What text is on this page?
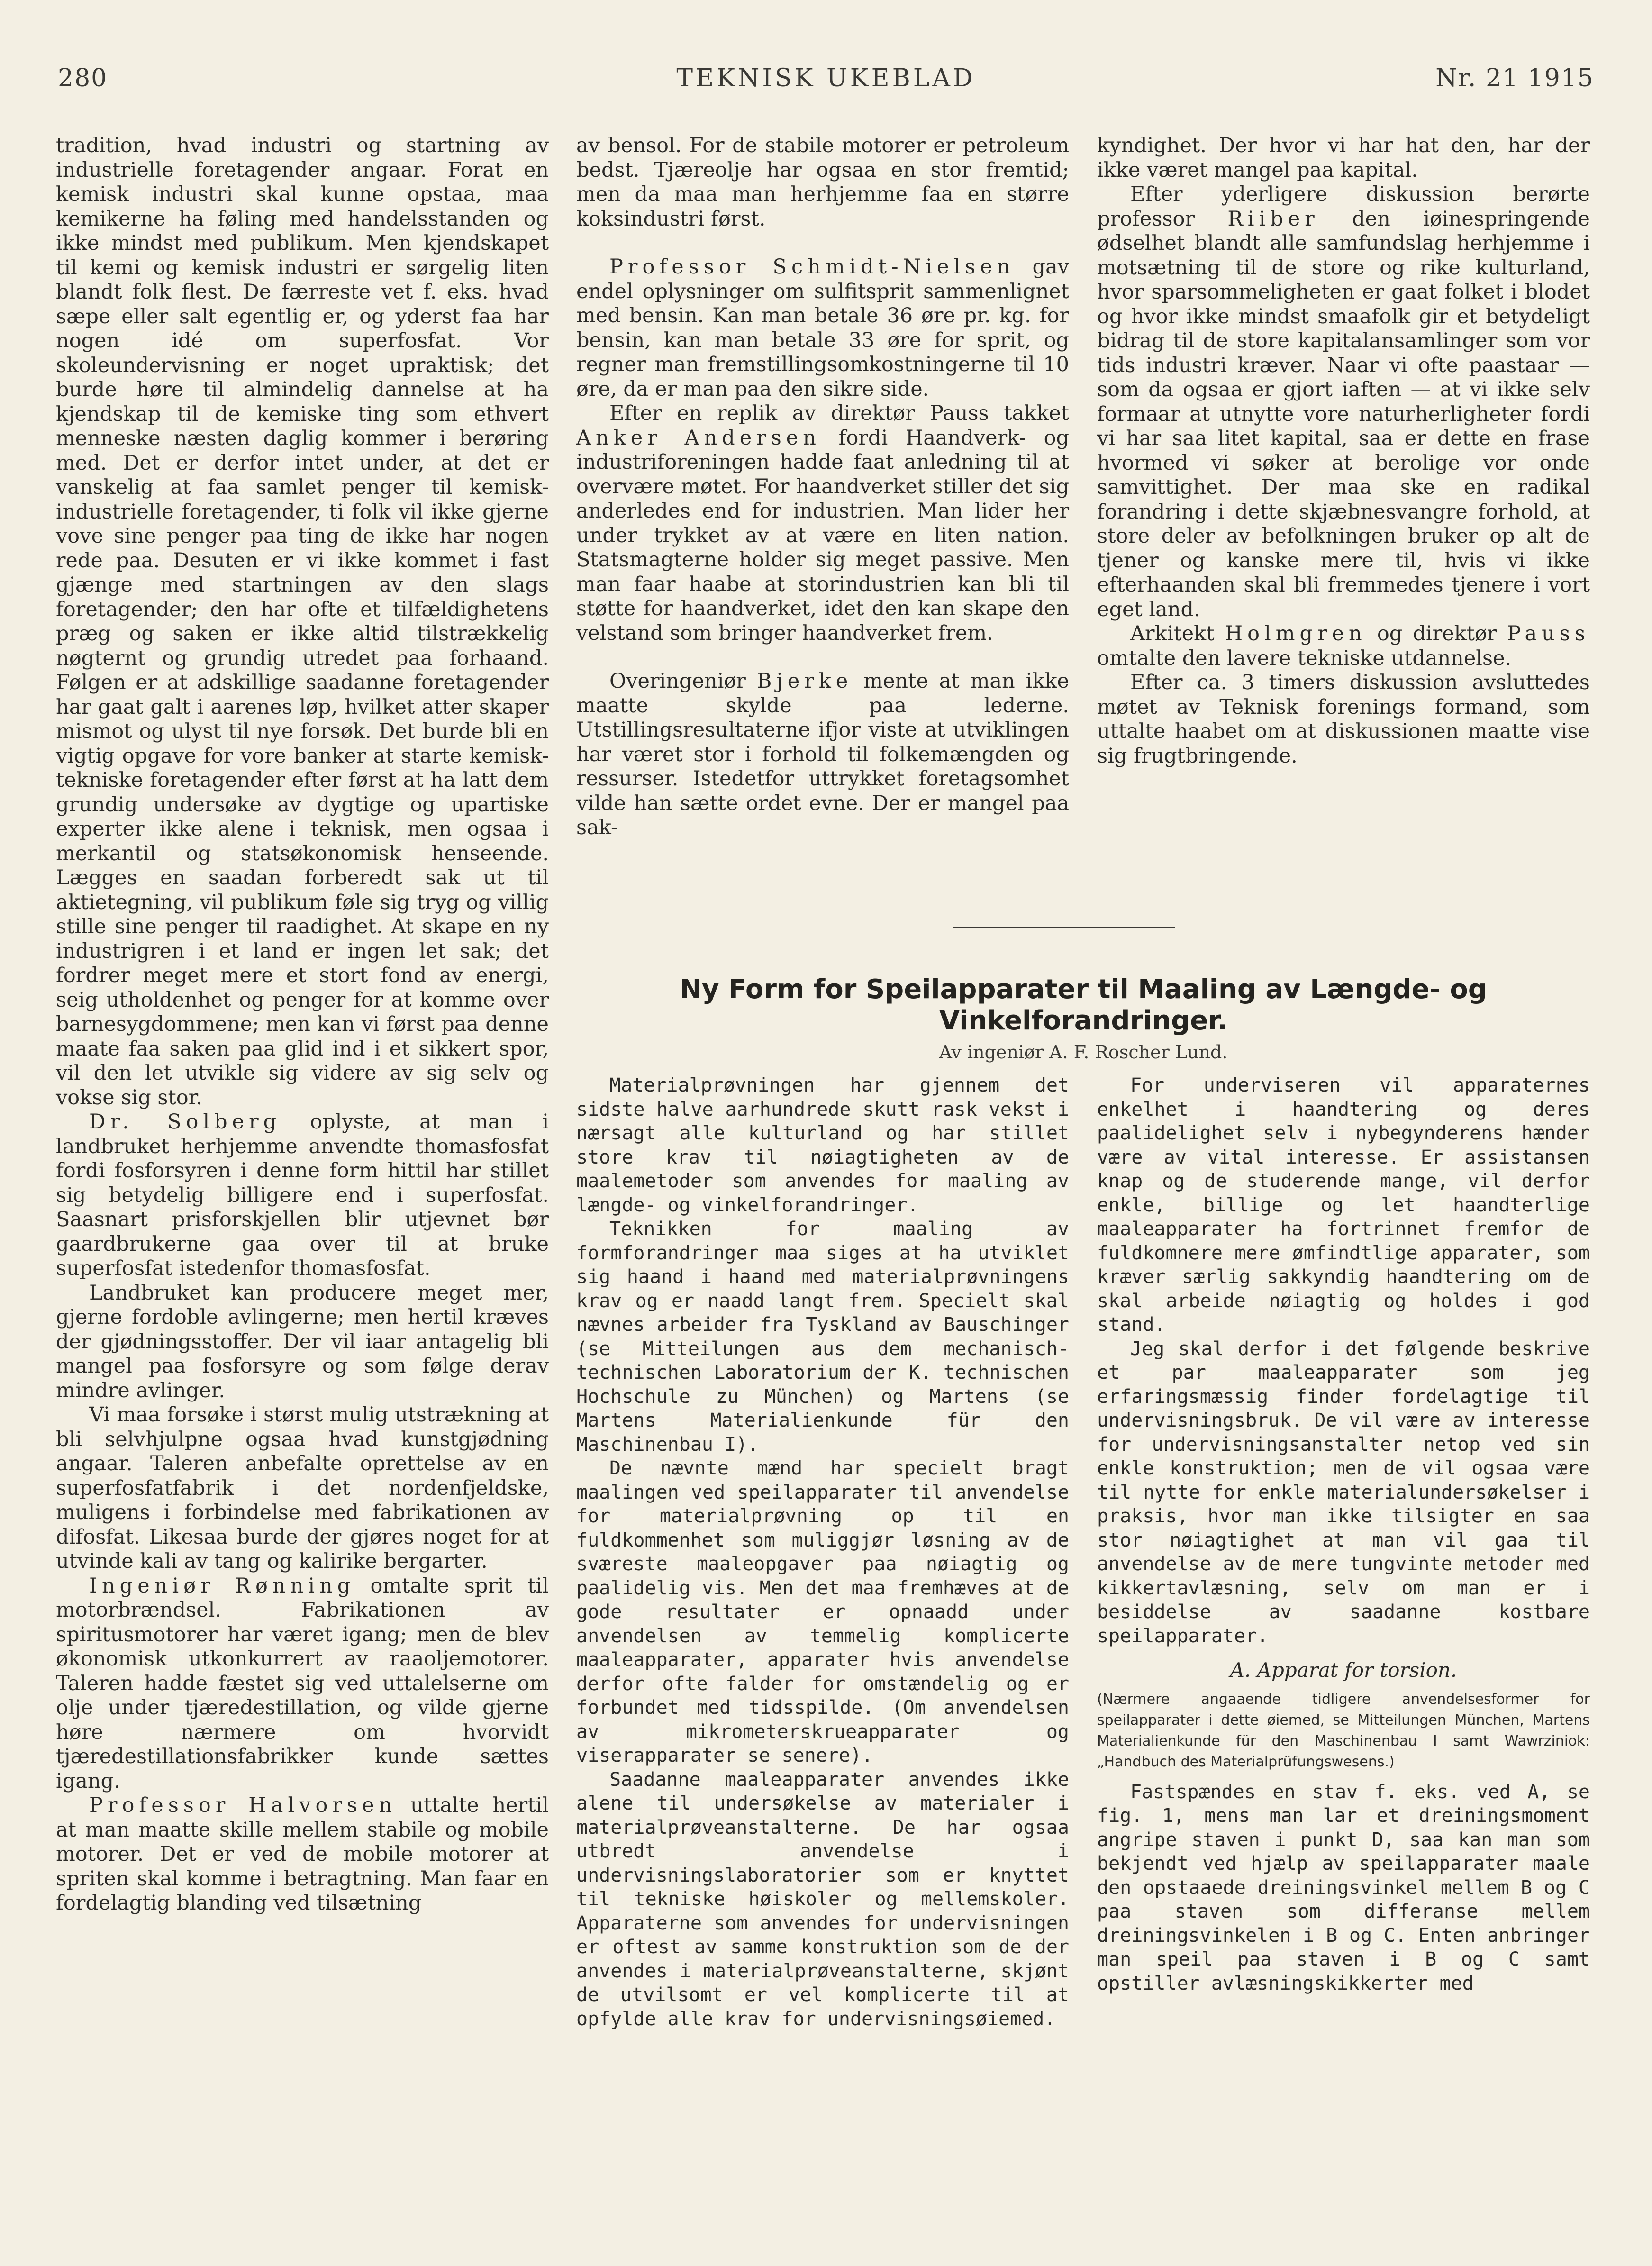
280	TEKNISK UKEBLAD	Nr. 21 1915

tradition, hvad industri og startning av industrielle foretagender angaar. Forat en kemisk industri skal kunne opstaa, maa kemikerne ha føling med handelsstanden og ikke mindst med publikum. Men kjendskapet til kemi og kemisk industri er sørgelig liten blandt folk flest. De færreste vet f. eks. hvad sæpe eller salt egentlig er, og yderst faa har nogen idé om superfosfat. Vor skoleundervisning er noget upraktisk; det burde høre til almindelig dannelse at ha kjendskap til de kemiske ting som ethvert menneske næsten daglig kommer i berøring med. Det er derfor intet under, at det er vanskelig at faa samlet penger til kemisk-industrielle foretagender, ti folk vil ikke gjerne vove sine penger paa ting de ikke har nogen rede paa. Desuten er vi ikke kommet i fast gjænge med startningen av den slags foretagender; den har ofte et tilfældighetens præg og saken er ikke altid tilstrækkelig nøgternt og grundig utredet paa forhaand. Følgen er at adskillige saadanne foretagender har gaat galt i aarenes løp, hvilket atter skaper mismot og ulyst til nye forsøk. Det burde bli en vigtig opgave for vore banker at starte kemisk-tekniske foretagender efter først at ha latt dem grundig undersøke av dygtige og upartiske experter ikke alene i teknisk, men ogsaa i merkantil og statsøkonomisk henseende. Lægges en saadan forberedt sak ut til aktietegning, vil publikum føle sig tryg og villig stille sine penger til raadighet. At skape en ny industrigren i et land er ingen let sak; det fordrer meget mere et stort fond av energi, seig utholdenhet og penger for at komme over barnesygdommene; men kan vi først paa denne maate faa saken paa glid ind i et sikkert spor, vil den let utvikle sig videre av sig selv og vokse sig stor.

Dr. Solberg oplyste, at man i landbruket herhjemme anvendte thomasfosfat fordi fosforsyren i denne form hittil har stillet sig betydelig billigere end i superfosfat. Saasnart prisforskjellen blir utjevnet bør gaardbrukerne gaa over til at bruke superfosfat istedenfor thomasfosfat.

Landbruket kan producere meget mer, gjerne fordoble avlingerne; men hertil kræves der gjødningsstoffer. Der vil iaar antagelig bli mangel paa fosforsyre og som følge derav mindre avlinger.

Vi maa forsøke i størst mulig utstrækning at bli selvhjulpne ogsaa hvad kunstgjødning angaar. Taleren anbefalte oprettelse av en superfosfatfabrik i det nordenfjeldske, muligens i forbindelse med fabrikationen av difosfat. Likesaa burde der gjøres noget for at utvinde kali av tang og kalirike bergarter.

Ingeniør Rønning omtalte sprit til motorbrændsel. Fabrikationen av spiritusmotorer har været igang; men de blev økonomisk utkonkurrert av raaoljemotorer. Taleren hadde fæstet sig ved uttalelserne om olje under tjæredestillation, og vilde gjerne høre nærmere om hvorvidt tjæredestillationsfabrikker kunde sættes igang.

Professor Halvorsen uttalte hertil at man maatte skille mellem stabile og mobile motorer. Det er ved de mobile motorer at spriten skal komme i betragtning. Man faar en fordelagtig blanding ved tilsætning

av bensol. For de stabile motorer er petroleum bedst. Tjæreolje har ogsaa en stor fremtid; men da maa man herhjemme faa en større koksindustri først.

Professor Schmidt-Nielsen gav endel oplysninger om sulfitsprit sammenlignet med bensin. Kan man betale 36 øre pr. kg. for bensin, kan man betale 33 øre for sprit, og regner man fremstillingsomkostningerne til 10 øre, da er man paa den sikre side.

Efter en replik av direktør Pauss takket Anker Andersen fordi Haandverk- og industriforeningen hadde faat anledning til at overvære møtet. For haandverket stiller det sig anderledes end for industrien. Man lider her under trykket av at være en liten nation. Statsmagterne holder sig meget passive. Men man faar haabe at storindustrien kan bli til støtte for haandverket, idet den kan skape den velstand som bringer haandverket frem.

Overingeniør Bjerke mente at man ikke maatte skylde paa lederne. Utstillingsresultaterne ifjor viste at utviklingen har været stor i forhold til folkemængden og ressurser. Istedetfor uttrykket foretagsomhet vilde han sætte ordet evne. Der er mangel paa sak-

kyndighet. Der hvor vi har hat den, har der ikke været mangel paa kapital.

Efter yderligere diskussion berørte professor Riiber den iøinespringende ødselhet blandt alle samfundslag herhjemme i motsætning til de store og rike kulturland, hvor sparsommeligheten er gaat folket i blodet og hvor ikke mindst smaafolk gir et betydeligt bidrag til de store kapitalansamlinger som vor tids industri kræver. Naar vi ofte paastaar — som da ogsaa er gjort iaften — at vi ikke selv formaar at utnytte vore naturherligheter fordi vi har saa litet kapital, saa er dette en frase hvormed vi søker at berolige vor onde samvittighet. Der maa ske en radikal forandring i dette skjæbnesvangre forhold, at store deler av befolkningen bruker op alt de tjener og kanske mere til, hvis vi ikke efterhaanden skal bli fremmedes tjenere i vort eget land.

Arkitekt Holmgren og direktør Pauss omtalte den lavere tekniske utdannelse.

Efter ca. 3 timers diskussion avsluttedes møtet av Teknisk forenings formand, som uttalte haabet om at diskussionen maatte vise sig frugtbringende.

Ny Form for Speilapparater til Maaling av Længde- og Vinkelforandringer.
Av ingeniør A. F. Roscher Lund.

Materialprøvningen har gjennem det sidste halve aarhundrede skutt rask vekst i nærsagt alle kulturland og har stillet store krav til nøiagtigheten av de maalemetoder som anvendes for maaling av længde- og vinkelforandringer.

Teknikken for maaling av formforandringer maa siges at ha utviklet sig haand i haand med materialprøvningens krav og er naadd langt frem. Specielt skal nævnes arbeider fra Tyskland av Bauschinger (se Mitteilungen aus dem mechanisch-technischen Laboratorium der K. technischen Hochschule zu München) og Martens (se Martens Materialienkunde für den Maschinenbau I).

De nævnte mænd har specielt bragt maalingen ved speilapparater til anvendelse for materialprøvning op til en fuldkommenhet som muliggjør løsning av de sværeste maaleopgaver paa nøiagtig og paalidelig vis. Men det maa fremhæves at de gode resultater er opnaadd under anvendelsen av temmelig komplicerte maaleapparater, apparater hvis anvendelse derfor ofte falder for omstændelig og er forbundet med tidsspilde. (Om anvendelsen av mikrometerskrueapparater og viserapparater se senere).

Saadanne maaleapparater anvendes ikke alene til undersøkelse av materialer i materialprøveanstalterne. De har ogsaa utbredt anvendelse i undervisningslaboratorier som er knyttet til tekniske høiskoler og mellemskoler. Apparaterne som anvendes for undervisningen er oftest av samme konstruktion som de der anvendes i materialprøveanstalterne, skjønt de utvilsomt er vel komplicerte til at opfylde alle krav for undervisningsøiemed.

For underviseren vil apparaternes enkelhet i haandtering og deres paalidelighet selv i nybegynderens hænder være av vital interesse. Er assistansen knap og de studerende mange, vil derfor enkle, billige og let haandterlige maaleapparater ha fortrinnet fremfor de fuldkomnere mere ømfindtlige apparater, som kræver særlig sakkyndig haandtering om de skal arbeide nøiagtig og holdes i god stand.

Jeg skal derfor i det følgende beskrive et par maaleapparater som jeg erfaringsmæssig finder fordelagtige til undervisningsbruk. De vil være av interesse for undervisningsanstalter netop ved sin enkle konstruktion; men de vil ogsaa være til nytte for enkle materialundersøkelser i praksis, hvor man ikke tilsigter en saa stor nøiagtighet at man vil gaa til anvendelse av de mere tungvinte metoder med kikkertavlæsning, selv om man er i besiddelse av saadanne kostbare speilapparater.

A. Apparat for torsion.

(Nærmere angaaende tidligere anvendelsesformer for speilapparater i dette øiemed, se Mitteilungen München, Martens Materialienkunde für den Maschinenbau I samt Wawrziniok: „Handbuch des Materialprüfungswesens.)

Fastspændes en stav f. eks. ved A, se fig. 1, mens man lar et dreiningsmoment angripe staven i punkt D, saa kan man som bekjendt ved hjælp av speilapparater maale den opstaaede dreiningsvinkel mellem B og C paa staven som differanse mellem dreiningsvinkelen i B og C. Enten anbringer man speil paa staven i B og C samt opstiller avlæsningskikkerter med
